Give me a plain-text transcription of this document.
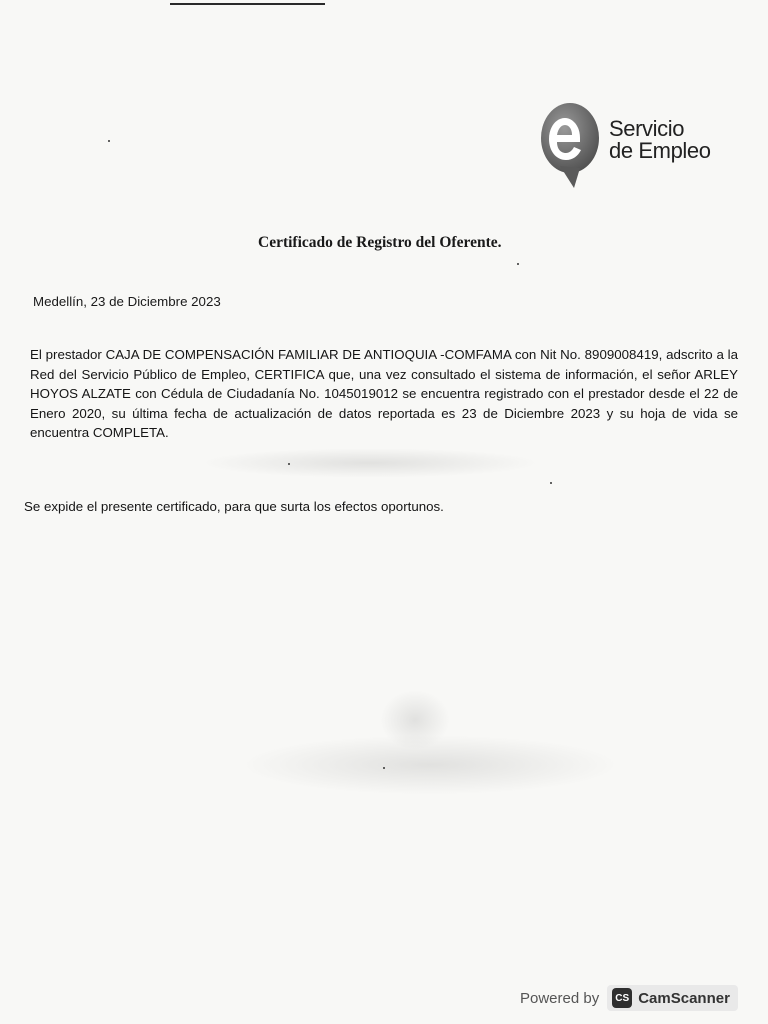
Servicio
de Empleo
Certificado de Registro del Oferente.
Medellín, 23 de Diciembre 2023
El prestador CAJA DE COMPENSACIÓN FAMILIAR DE ANTIOQUIA -COMFAMA con Nit No. 8909008419, adscrito a la Red del Servicio Público de Empleo, CERTIFICA que, una vez consultado el sistema de información, el señor ARLEY HOYOS ALZATE con Cédula de Ciudadanía No. 1045019012 se encuentra registrado con el prestador desde el 22 de Enero 2020, su última fecha de actualización de datos reportada es 23 de Diciembre 2023 y su hoja de vida se encuentra COMPLETA.
Se expide el presente certificado, para que surta los efectos oportunos.
Powered by	CS CamScanner
